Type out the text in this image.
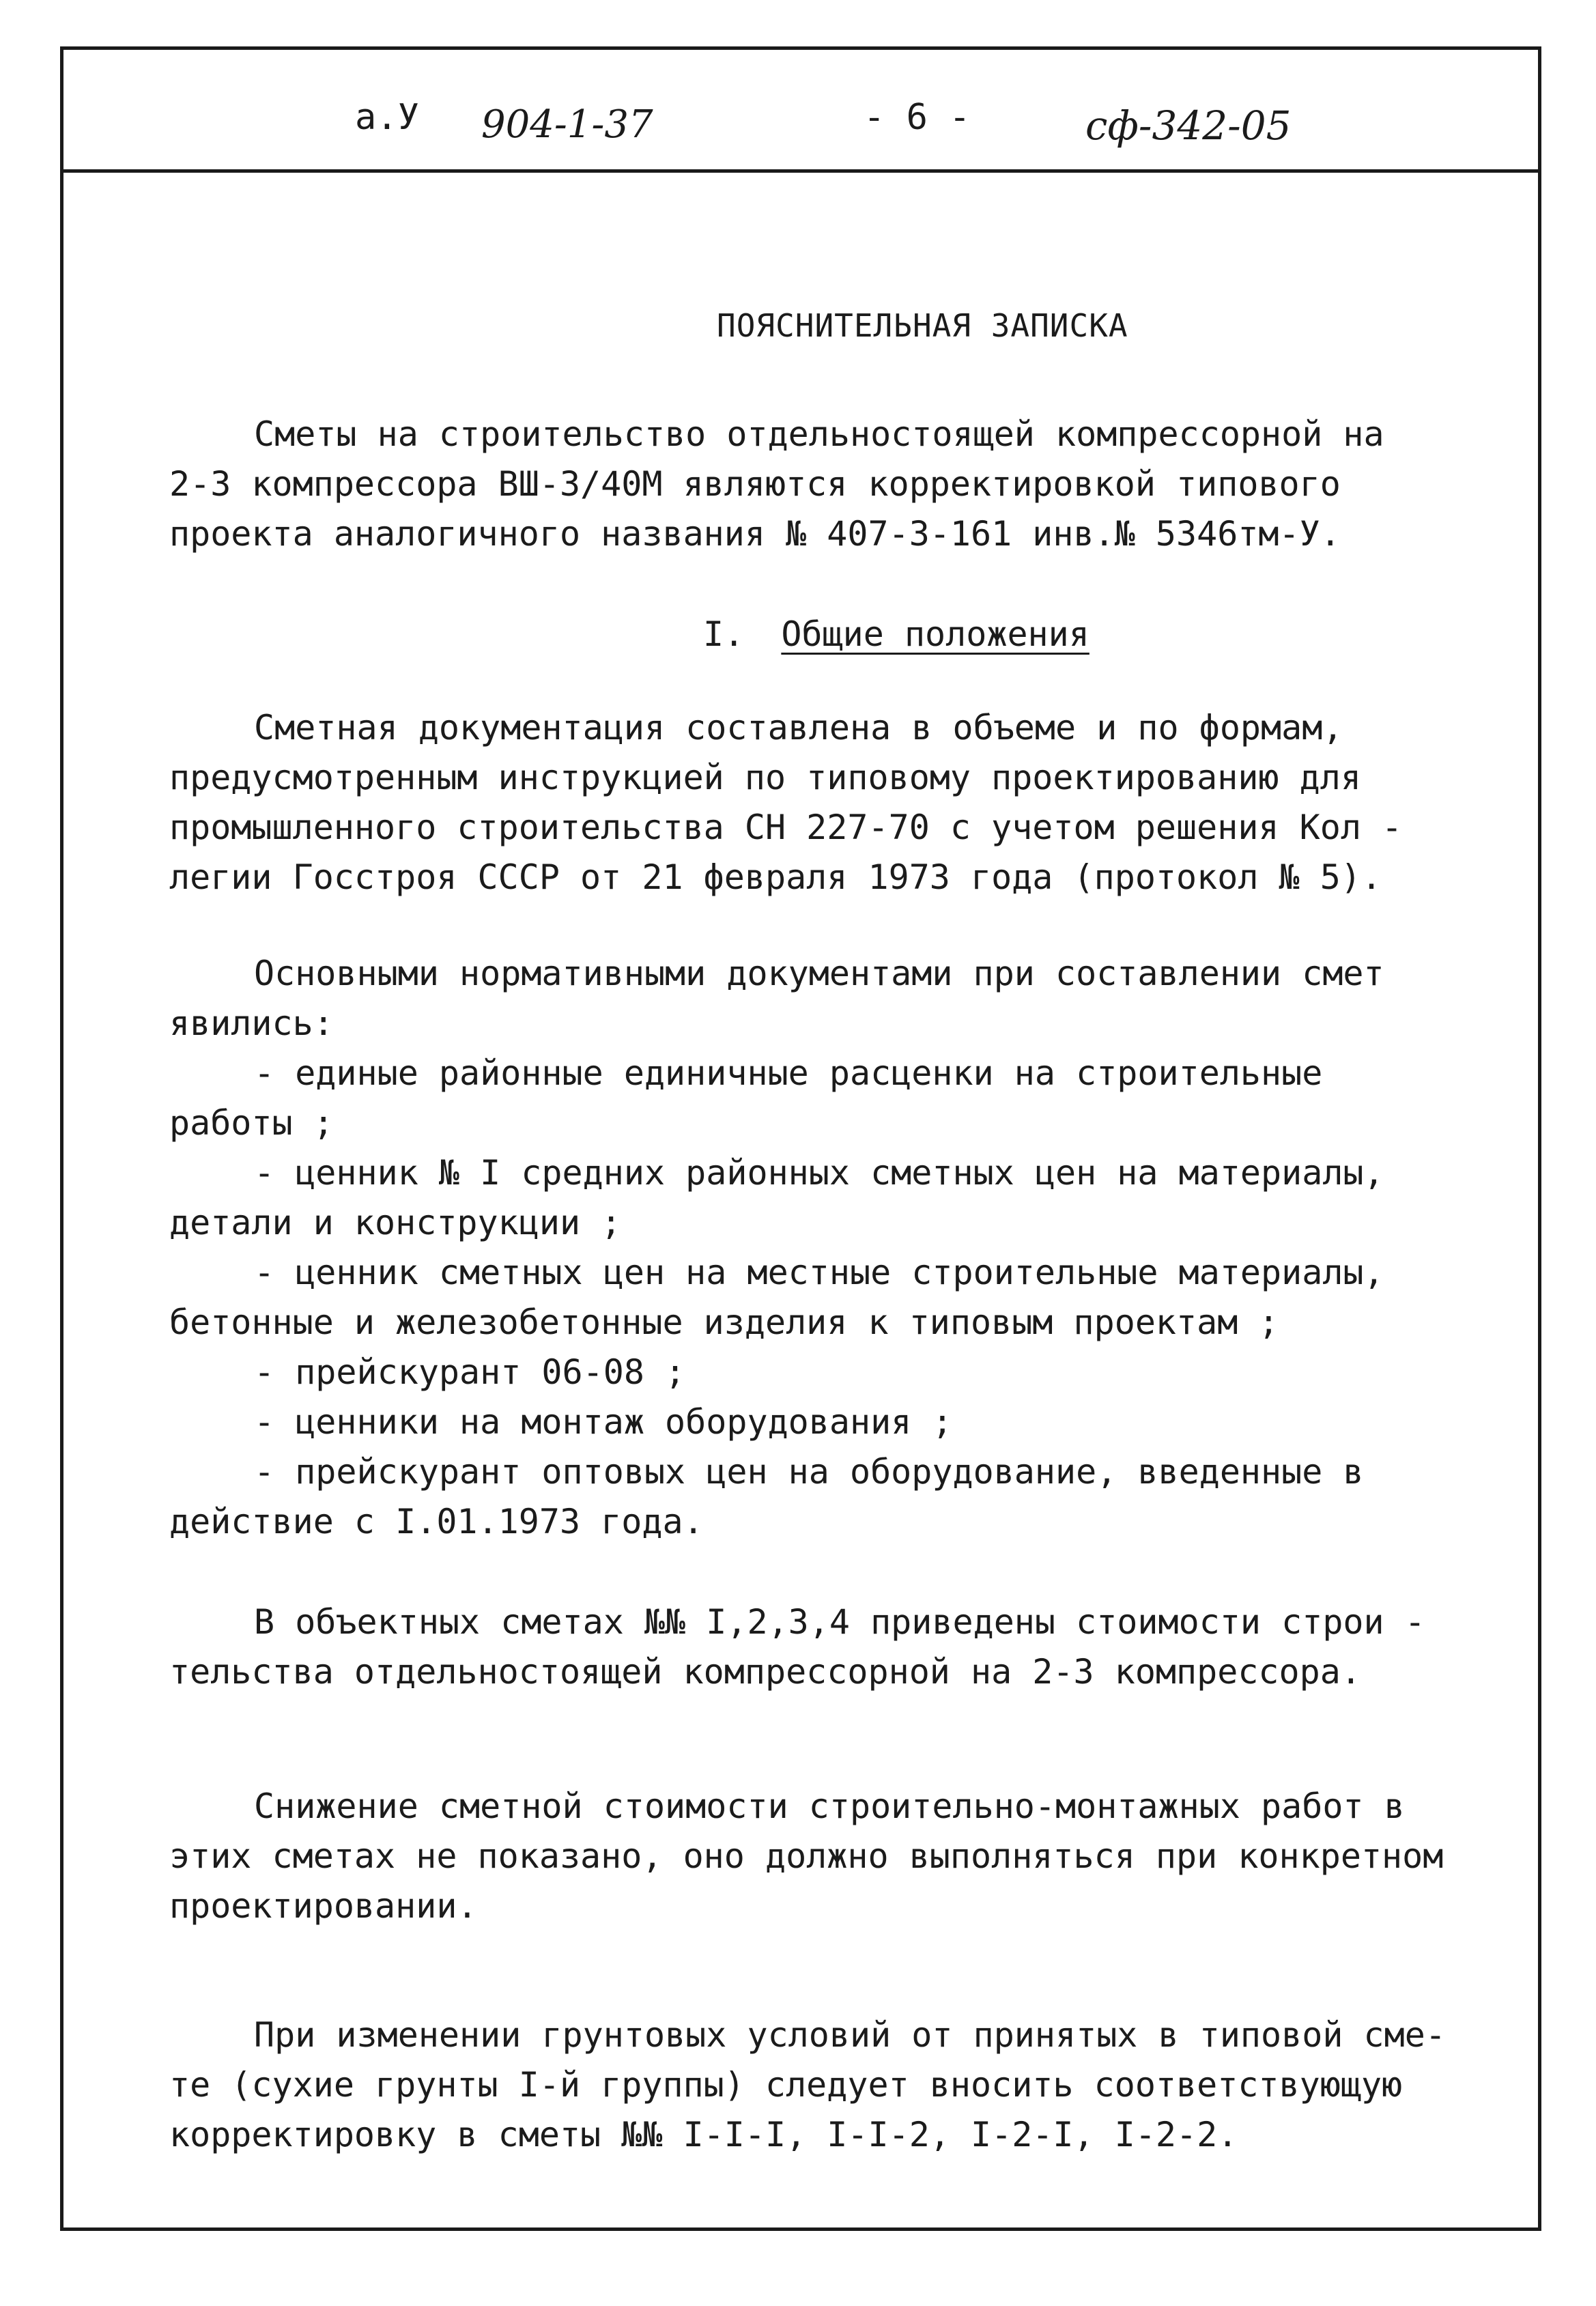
а.У 904-1-37	- 6 -	сф-342-05
ПОЯСНИТЕЛЬНАЯ ЗАПИСКА
Сметы на строительство отдельностоящей компрессорной на
2-3 компрессора ВШ-3/40М являются корректировкой типового
проекта аналогичного названия № 407-3-161 инв.№ 5346тм-У.
I. Общие положения
Сметная документация составлена в объеме и по формам,
предусмотренным инструкцией по типовому проектированию для
промышленного строительства СН 227-70 с учетом решения Кол -
легии Госстроя СССР от 21 февраля 1973 года (протокол № 5).
Основными нормативными документами при составлении смет
явились:
- единые районные единичные расценки на строительные
работы ;
- ценник № I средних районных сметных цен на материалы,
детали и конструкции ;
- ценник сметных цен на местные строительные материалы,
бетонные и железобетонные изделия к типовым проектам ;
- прейскурант 06-08 ;
- ценники на монтаж оборудования ;
- прейскурант оптовых цен на оборудование, введенные в
действие с I.01.1973 года.
В объектных сметах №№ I,2,3,4 приведены стоимости строи -
тельства отдельностоящей компрессорной на 2-3 компрессора.
Снижение сметной стоимости строительно-монтажных работ в
этих сметах не показано, оно должно выполняться при конкретном
проектировании.
При изменении грунтовых условий от принятых в типовой сме-
те (сухие грунты I-й группы) следует вносить соответствующую
корректировку в сметы №№ I-I-I, I-I-2, I-2-I, I-2-2.
